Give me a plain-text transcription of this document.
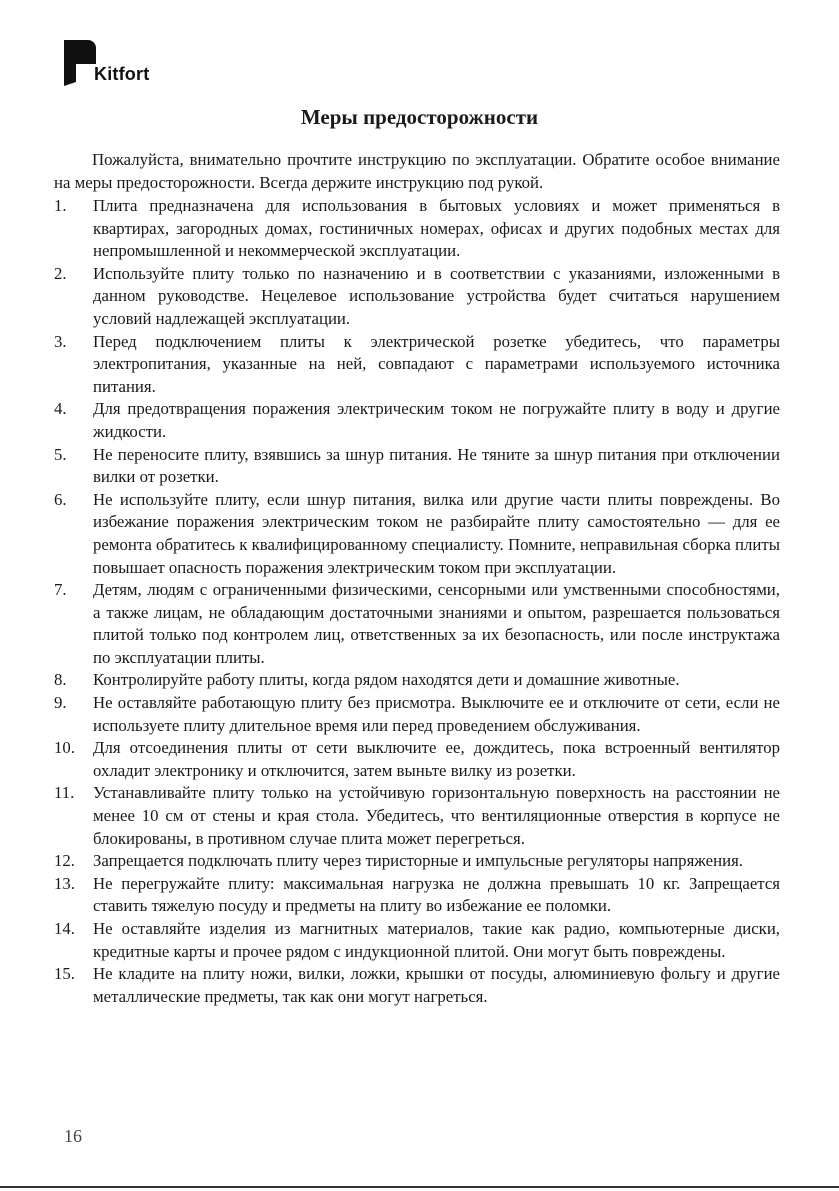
Kitfort
Меры предосторожности

Пожалуйста, внимательно прочтите инструкцию по эксплуатации. Обратите особое внимание на меры предосторожности. Всегда держите инструкцию под рукой.

1. Плита предназначена для использования в бытовых условиях и может применяться в квартирах, загородных домах, гостиничных номерах, офисах и других подобных местах для непромышленной и некоммерческой эксплуатации.
2. Используйте плиту только по назначению и в соответствии с указаниями, изложенными в данном руководстве. Нецелевое использование устройства будет считаться нарушением условий надлежащей эксплуатации.
3. Перед подключением плиты к электрической розетке убедитесь, что параметры электропитания, указанные на ней, совпадают с параметрами используемого источника питания.
4. Для предотвращения поражения электрическим током не погружайте плиту в воду и другие жидкости.
5. Не переносите плиту, взявшись за шнур питания. Не тяните за шнур питания при отключении вилки от розетки.
6. Не используйте плиту, если шнур питания, вилка или другие части плиты повреждены. Во избежание поражения электрическим током не разбирайте плиту самостоятельно — для ее ремонта обратитесь к квалифицированному специалисту. Помните, неправильная сборка плиты повышает опасность поражения электрическим током при эксплуатации.
7. Детям, людям с ограниченными физическими, сенсорными или умственными способностями, а также лицам, не обладающим достаточными знаниями и опытом, разрешается пользоваться плитой только под контролем лиц, ответственных за их безопасность, или после инструктажа по эксплуатации плиты.
8. Контролируйте работу плиты, когда рядом находятся дети и домашние животные.
9. Не оставляйте работающую плиту без присмотра. Выключите ее и отключите от сети, если не используете плиту длительное время или перед проведением обслуживания.
10. Для отсоединения плиты от сети выключите ее, дождитесь, пока встроенный вентилятор охладит электронику и отключится, затем выньте вилку из розетки.
11. Устанавливайте плиту только на устойчивую горизонтальную поверхность на расстоянии не менее 10 см от стены и края стола. Убедитесь, что вентиляционные отверстия в корпусе не блокированы, в противном случае плита может перегреться.
12. Запрещается подключать плиту через тиристорные и импульсные регуляторы напряжения.
13. Не перегружайте плиту: максимальная нагрузка не должна превышать 10 кг. Запрещается ставить тяжелую посуду и предметы на плиту во избежание ее поломки.
14. Не оставляйте изделия из магнитных материалов, такие как радио, компьютерные диски, кредитные карты и прочее рядом с индукционной плитой. Они могут быть повреждены.
15. Не кладите на плиту ножи, вилки, ложки, крышки от посуды, алюминиевую фольгу и другие металлические предметы, так как они могут нагреться.
16
